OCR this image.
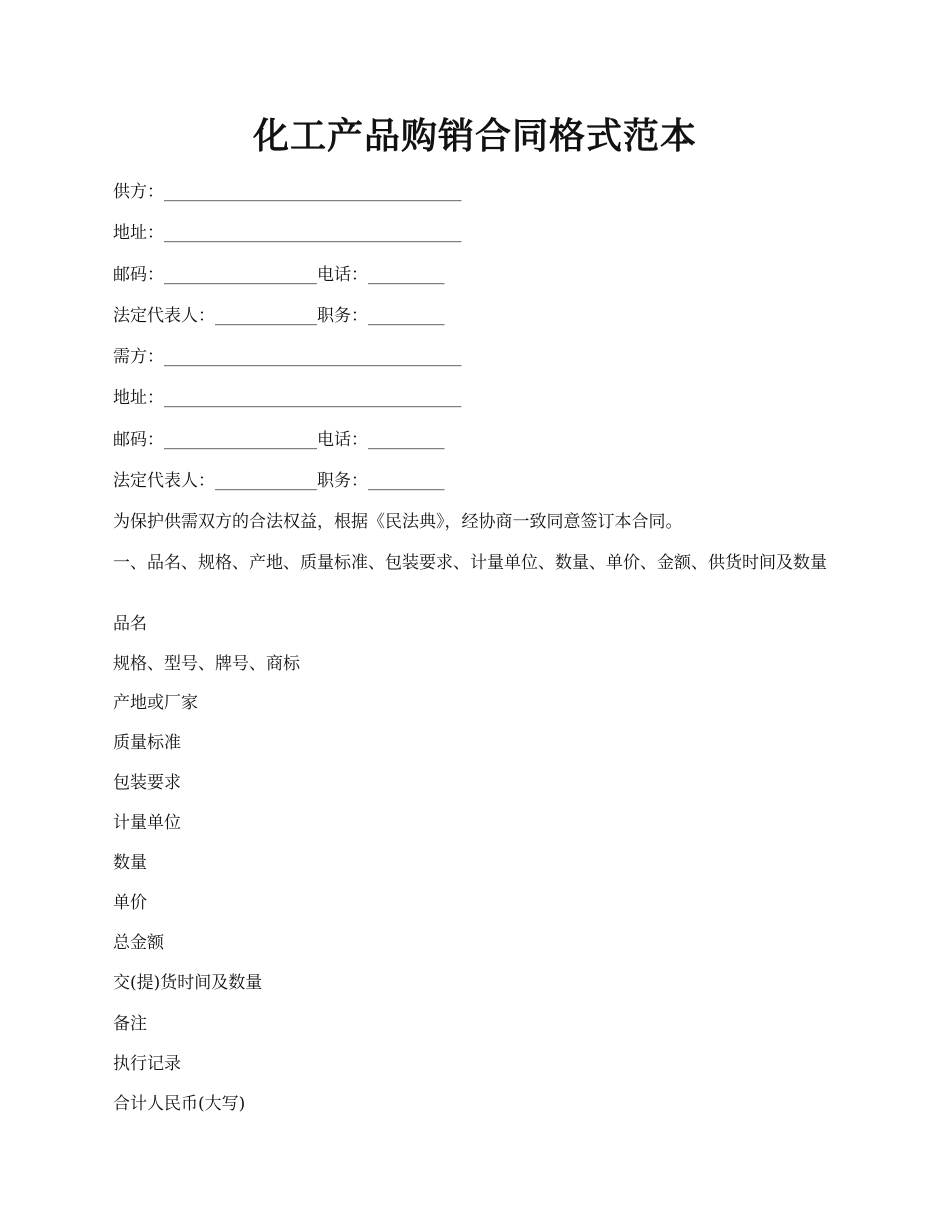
化工产品购销合同格式范本
供方：___________________________________
地址：___________________________________
邮码：__________________电话：_________
法定代表人：____________职务：_________
需方：___________________________________
地址：___________________________________
邮码：__________________电话：_________
法定代表人：____________职务：_________
为保护供需双方的合法权益，根据《民法典》，经协商一致同意签订本合同。
一、品名、规格、产地、质量标准、包装要求、计量单位、数量、单价、金额、供货时间及数量
品名
规格、型号、牌号、商标
产地或厂家
质量标准
包装要求
计量单位
数量
单价
总金额
交(提)货时间及数量
备注
执行记录
合计人民币(大写)
